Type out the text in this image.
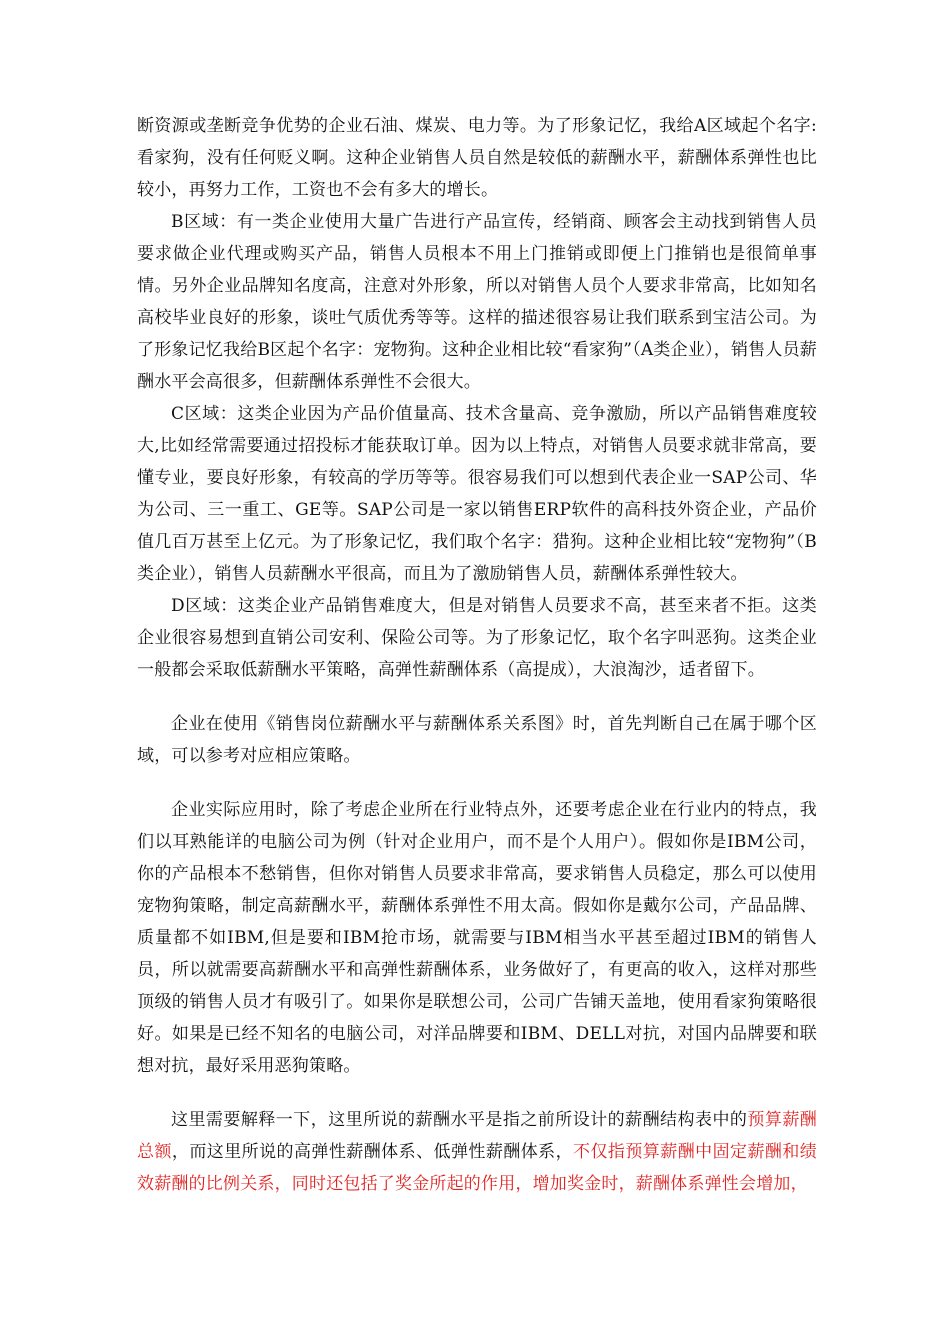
断资源或垄断竞争优势的企业石油、煤炭、电力等。为了形象记忆，我给A区域起个名字:看家狗，没有任何贬义啊。这种企业销售人员自然是较低的薪酬水平，薪酬体系弹性也比较小，再努力工作，工资也不会有多大的增长。

B区域：有一类企业使用大量广告进行产品宣传，经销商、顾客会主动找到销售人员要求做企业代理或购买产品，销售人员根本不用上门推销或即便上门推销也是很简单事情。另外企业品牌知名度高，注意对外形象，所以对销售人员个人要求非常高，比如知名高校毕业良好的形象，谈吐气质优秀等等。这样的描述很容易让我们联系到宝洁公司。为了形象记忆我给B区起个名字：宠物狗。这种企业相比较“看家狗”（A类企业），销售人员薪酬水平会高很多，但薪酬体系弹性不会很大。

C区域：这类企业因为产品价值量高、技术含量高、竞争激励，所以产品销售难度较大,比如经常需要通过招投标才能获取订单。因为以上特点，对销售人员要求就非常高，要懂专业，要良好形象，有较高的学历等等。很容易我们可以想到代表企业一SAP公司、华为公司、三一重工、GE等。SAP公司是一家以销售ERP软件的高科技外资企业，产品价值几百万甚至上亿元。为了形象记忆，我们取个名字：猎狗。这种企业相比较“宠物狗”（B类企业），销售人员薪酬水平很高，而且为了激励销售人员，薪酬体系弹性较大。

D区域：这类企业产品销售难度大，但是对销售人员要求不高，甚至来者不拒。这类企业很容易想到直销公司安利、保险公司等。为了形象记忆，取个名字叫恶狗。这类企业一般都会采取低薪酬水平策略，高弹性薪酬体系（高提成），大浪淘沙，适者留下。

企业在使用《销售岗位薪酬水平与薪酬体系关系图》时，首先判断自己在属于哪个区域，可以参考对应相应策略。

企业实际应用时，除了考虑企业所在行业特点外，还要考虑企业在行业内的特点，我们以耳熟能详的电脑公司为例（针对企业用户，而不是个人用户）。假如你是IBM公司，你的产品根本不愁销售，但你对销售人员要求非常高，要求销售人员稳定，那么可以使用宠物狗策略，制定高薪酬水平，薪酬体系弹性不用太高。假如你是戴尔公司，产品品牌、质量都不如IBM,但是要和IBM抢市场，就需要与IBM相当水平甚至超过IBM的销售人员，所以就需要高薪酬水平和高弹性薪酬体系，业务做好了，有更高的收入，这样对那些顶级的销售人员才有吸引了。如果你是联想公司，公司广告铺天盖地，使用看家狗策略很好。如果是已经不知名的电脑公司，对洋品牌要和IBM、DELL对抗，对国内品牌要和联想对抗，最好采用恶狗策略。

这里需要解释一下，这里所说的薪酬水平是指之前所设计的薪酬结构表中的预算薪酬总额，而这里所说的高弹性薪酬体系、低弹性薪酬体系，不仅指预算薪酬中固定薪酬和绩效薪酬的比例关系，同时还包括了奖金所起的作用，增加奖金时，薪酬体系弹性会增加，
